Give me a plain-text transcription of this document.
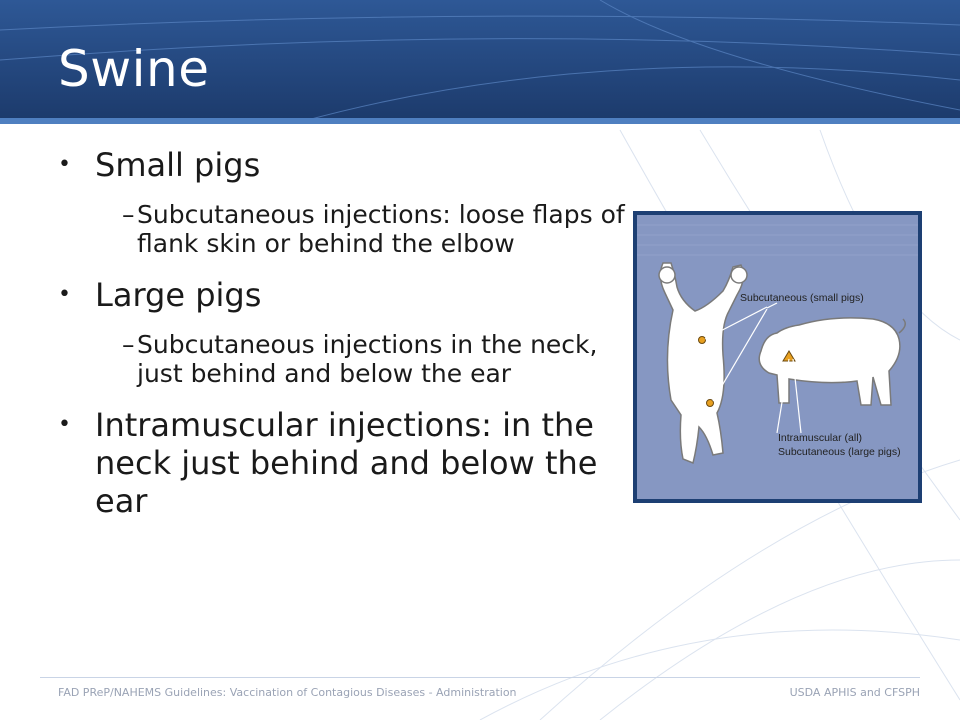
Swine
• Small pigs
– Subcutaneous injections: loose flaps of flank skin or behind the elbow
• Large pigs
– Subcutaneous injections in the neck, just behind and below the ear
• Intramuscular injections: in the neck just behind and below the ear
Subcutaneous (small pigs)
Intramuscular (all)
Subcutaneous (large pigs)
FAD PReP/NAHEMS Guidelines: Vaccination of Contagious Diseases - Administration	USDA APHIS and CFSPH
